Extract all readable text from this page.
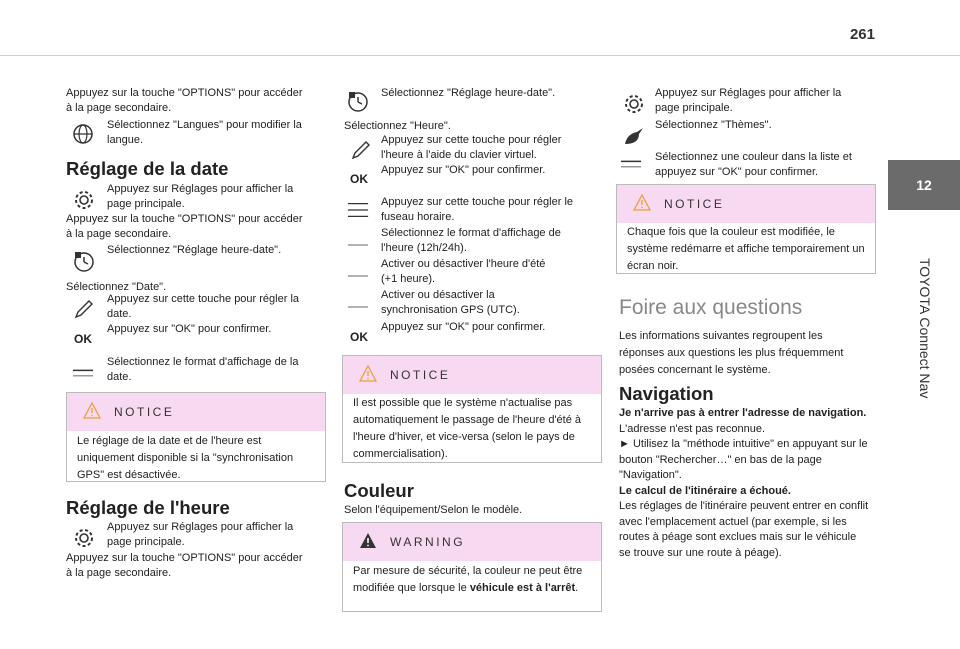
261
12
TOYOTA Connect Nav
Appuyez sur la touche "OPTIONS" pour accéder
à la page secondaire.
Sélectionnez "Langues" pour modifier la
langue.
Réglage de la date
Appuyez sur Réglages pour afficher la
page principale.
Appuyez sur la touche "OPTIONS" pour accéder
à la page secondaire.
Sélectionnez "Réglage heure-date".
Sélectionnez "Date".
Appuyez sur cette touche pour régler la
date.
OK
Appuyez sur "OK" pour confirmer.
Sélectionnez le format d'affichage de la
date.
NOTICE
Le réglage de la date et de l'heure est uniquement disponible si la "synchronisation GPS" est désactivée.
Réglage de l'heure
Appuyez sur Réglages pour afficher la
page principale.
Appuyez sur la touche "OPTIONS" pour accéder
à la page secondaire.
Sélectionnez "Réglage heure-date".
Sélectionnez "Heure".
Appuyez sur cette touche pour régler
l'heure à l'aide du clavier virtuel.
OK
Appuyez sur "OK" pour confirmer.
Appuyez sur cette touche pour régler le
fuseau horaire.
Sélectionnez le format d'affichage de
l'heure (12h/24h).
Activer ou désactiver l'heure d'été
(+1 heure).
Activer ou désactiver la
synchronisation GPS (UTC).
OK
Appuyez sur "OK" pour confirmer.
NOTICE
Il est possible que le système n'actualise pas automatiquement le passage de l'heure d'été à l'heure d'hiver, et vice-versa (selon le pays de commercialisation).
Couleur
Selon l'équipement/Selon le modèle.
WARNING
Par mesure de sécurité, la couleur ne peut être modifiée que lorsque le véhicule est à l'arrêt.
Appuyez sur Réglages pour afficher la
page principale.
Sélectionnez "Thèmes".
Sélectionnez une couleur dans la liste et
appuyez sur "OK" pour confirmer.
NOTICE
Chaque fois que la couleur est modifiée, le système redémarre et affiche temporairement un écran noir.
Foire aux questions
Les informations suivantes regroupent les réponses aux questions les plus fréquemment posées concernant le système.
Navigation
Je n'arrive pas à entrer l'adresse de navigation.
L'adresse n'est pas reconnue.
► Utilisez la "méthode intuitive" en appuyant sur le bouton "Rechercher…" en bas de la page "Navigation".
Le calcul de l'itinéraire a échoué.
Les réglages de l'itinéraire peuvent entrer en conflit avec l'emplacement actuel (par exemple, si les routes à péage sont exclues mais sur le véhicule se trouve sur une route à péage).
